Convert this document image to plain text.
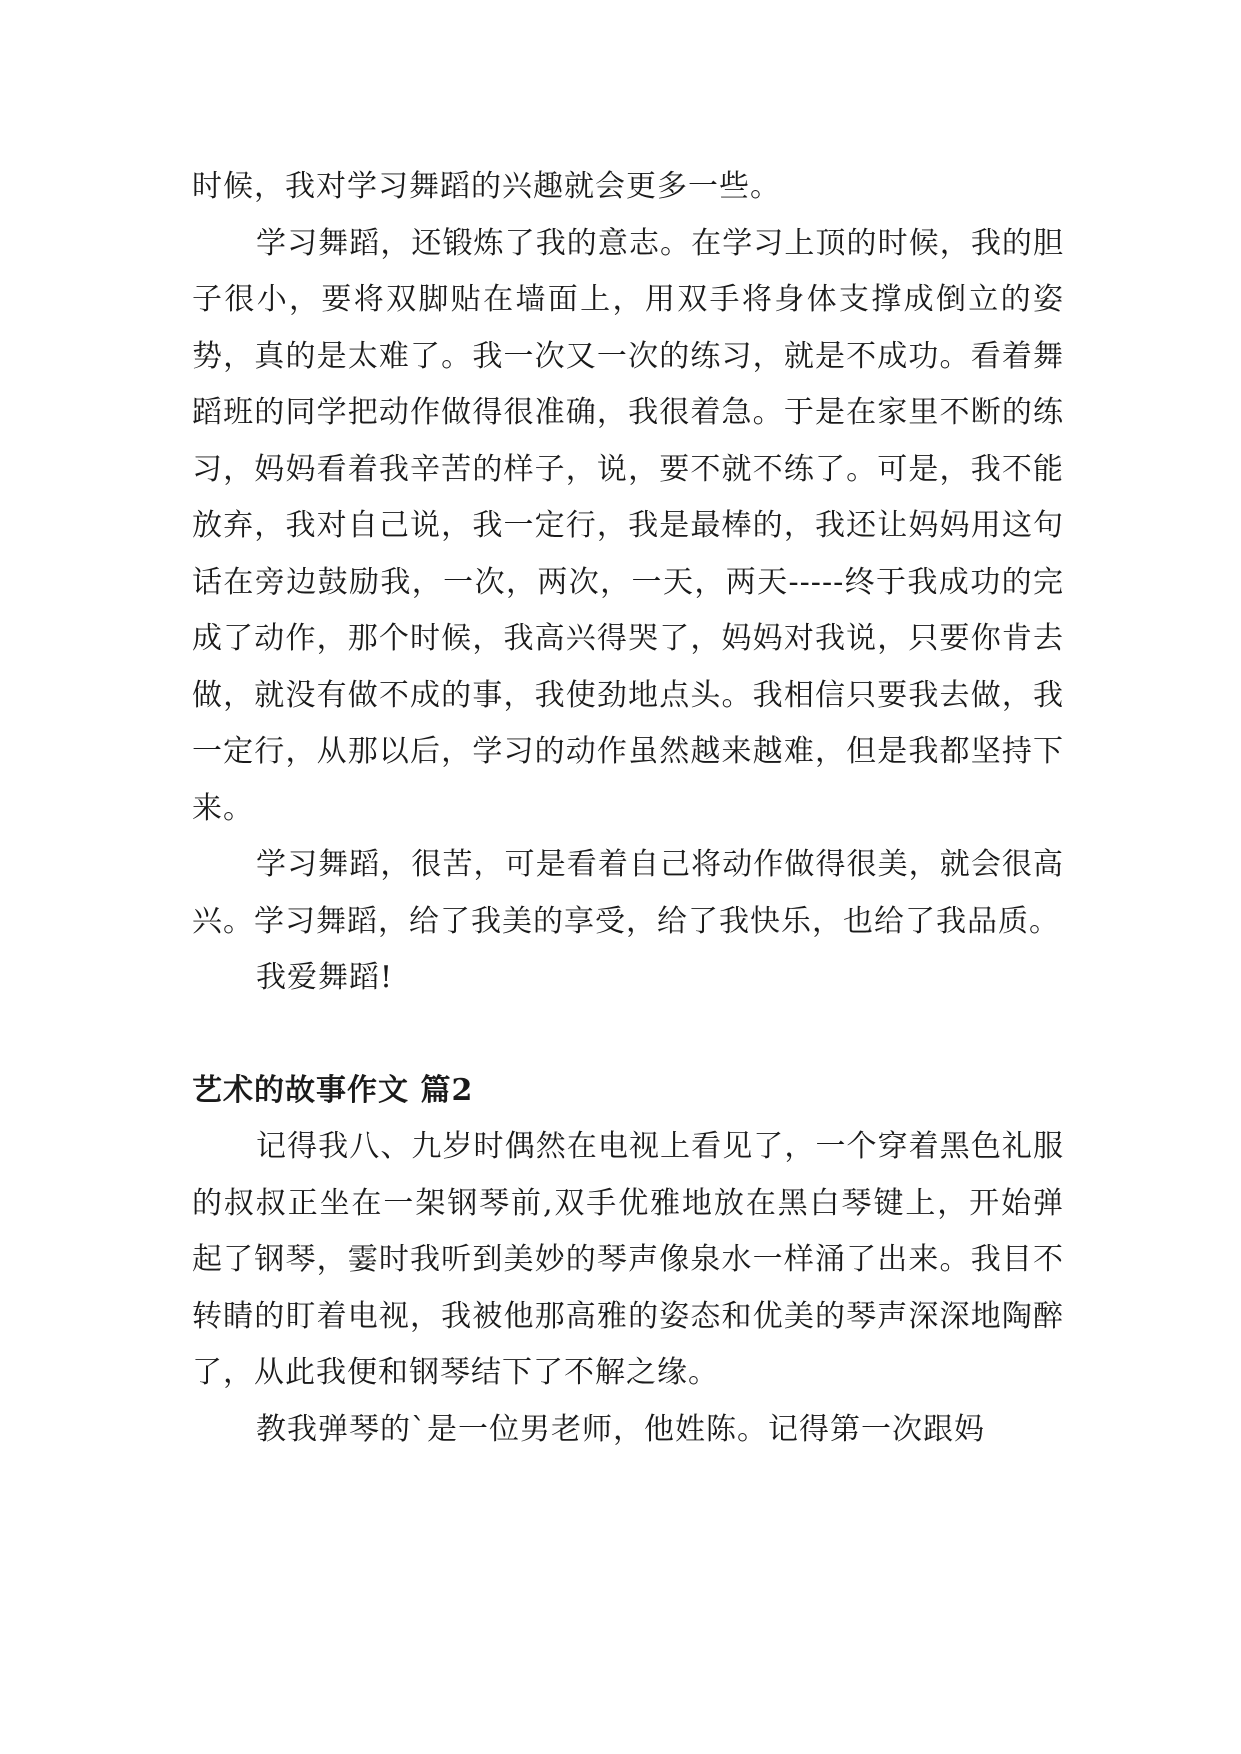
时候，我对学习舞蹈的兴趣就会更多一些。

学习舞蹈，还锻炼了我的意志。在学习上顶的时候，我的胆子很小，要将双脚贴在墙面上，用双手将身体支撑成倒立的姿势，真的是太难了。我一次又一次的练习，就是不成功。看着舞蹈班的同学把动作做得很准确，我很着急。于是在家里不断的练习，妈妈看着我辛苦的样子，说，要不就不练了。可是，我不能放弃，我对自己说，我一定行，我是最棒的，我还让妈妈用这句话在旁边鼓励我，一次，两次，一天，两天-----终于我成功的完成了动作，那个时候，我高兴得哭了，妈妈对我说，只要你肯去做，就没有做不成的事，我使劲地点头。我相信只要我去做，我一定行，从那以后，学习的动作虽然越来越难，但是我都坚持下来。

学习舞蹈，很苦，可是看着自己将动作做得很美，就会很高兴。学习舞蹈，给了我美的享受，给了我快乐，也给了我品质。

我爱舞蹈!

艺术的故事作文 篇2

记得我八、九岁时偶然在电视上看见了，一个穿着黑色礼服的叔叔正坐在一架钢琴前,双手优雅地放在黑白琴键上，开始弹起了钢琴，霎时我听到美妙的琴声像泉水一样涌了出来。我目不转睛的盯着电视，我被他那高雅的姿态和优美的琴声深深地陶醉了，从此我便和钢琴结下了不解之缘。

教我弹琴的`是一位男老师，他姓陈。记得第一次跟妈
